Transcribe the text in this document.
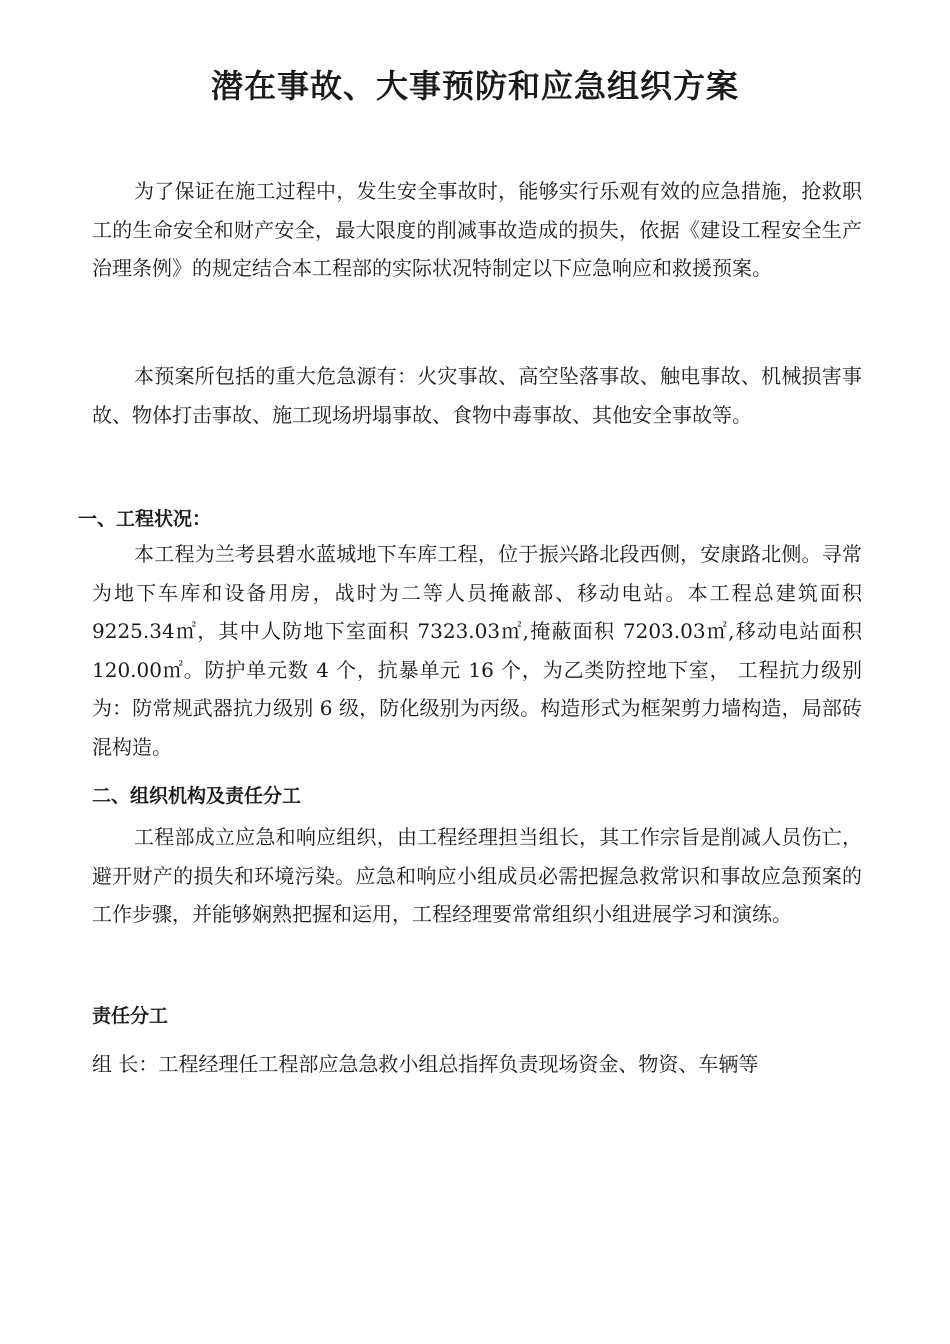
潜在事故、大事预防和应急组织方案

为了保证在施工过程中，发生安全事故时，能够实行乐观有效的应急措施，抢救职工的生命安全和财产安全，最大限度的削减事故造成的损失，依据《建设工程安全生产治理条例》的规定结合本工程部的实际状况特制定以下应急响应和救援预案。

本预案所包括的重大危急源有：火灾事故、高空坠落事故、触电事故、机械损害事故、物体打击事故、施工现场坍塌事故、食物中毒事故、其他安全事故等。

一、工程状况：

本工程为兰考县碧水蓝城地下车库工程，位于振兴路北段西侧，安康路北侧。寻常为地下车库和设备用房，战时为二等人员掩蔽部、移动电站。本工程总建筑面积 9225.34㎡，其中人防地下室面积 7323.03㎡,掩蔽面积 7203.03㎡,移动电站面积 120.00㎡。防护单元数 4 个，抗暴单元 16 个，为乙类防控地下室， 工程抗力级别为：防常规武器抗力级别 6 级，防化级别为丙级。构造形式为框架剪力墙构造，局部砖混构造。

二、组织机构及责任分工

工程部成立应急和响应组织，由工程经理担当组长，其工作宗旨是削减人员伤亡，避开财产的损失和环境污染。应急和响应小组成员必需把握急救常识和事故应急预案的工作步骤，并能够娴熟把握和运用，工程经理要常常组织小组进展学习和演练。

责任分工

组 长：工程经理任工程部应急急救小组总指挥负责现场资金、物资、车辆等
